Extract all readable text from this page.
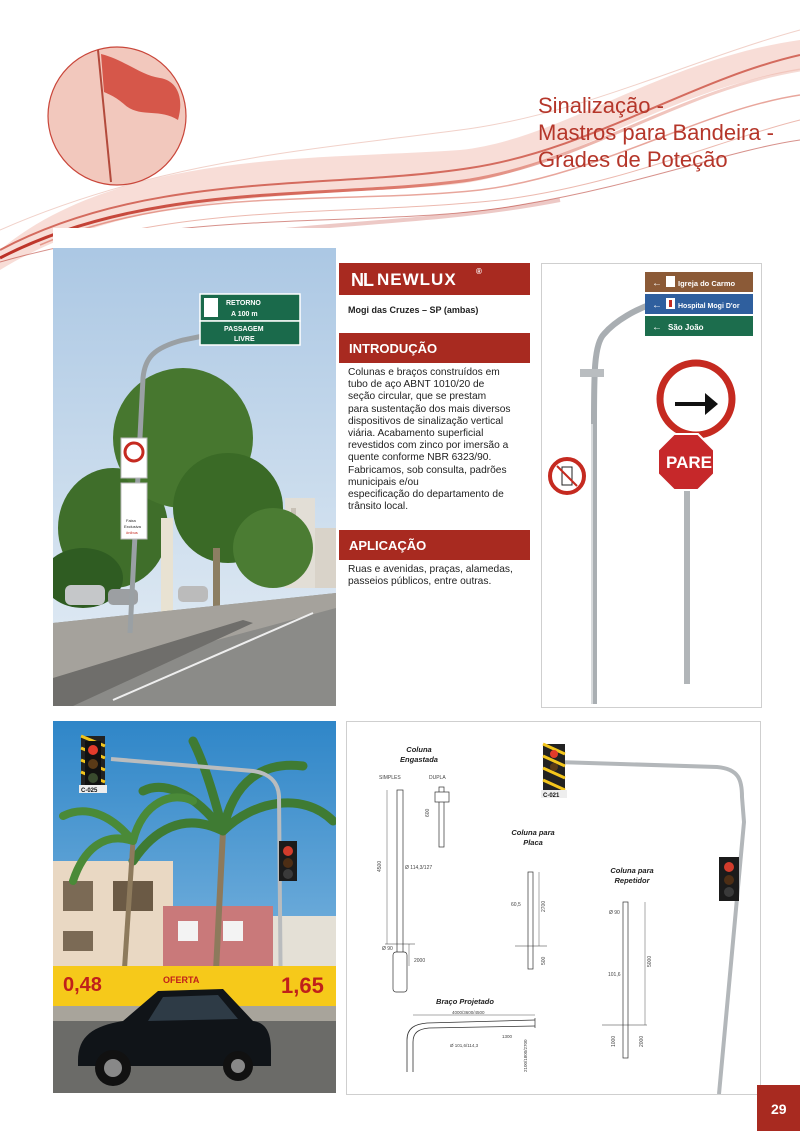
Sinalização -
Mastros para Bandeira -
Grades de Poteção
RETORNO
A 100 m
PASSAGEM
LIVRE
Faixa
Exclusiva
ônibus
NL NEWLUX ®
Mogi das Cruzes – SP (ambas)
INTRODUÇÃO
Colunas e braços construídos em
tubo de aço ABNT 1010/20 de
seção circular, que se prestam
para sustentação dos mais diversos
dispositivos de sinalização vertical
viária. Acabamento superficial
revestidos com zinco por imersão a
quente conforme NBR 6323/90.
Fabricamos, sob consulta, padrões
municipais e/ou
especificação do departamento de
trânsito local.
APLICAÇÃO
Ruas e avenidas, praças, alamedas,
passeios públicos, entre outras.
← Igreja do Carmo
← Hospital Mogi D'or
← São João
PARE
C-025
0,48	OFERTA	1,65
Coluna
Engastada
SIMPLES	DUPLA
4500	Ø 114,3/127
Ø 90
2000
600
Coluna para
Placa
60,5	2700
500
Coluna para
Repetidor
Ø 90
101,6
5000
1000	2000
Braço Projetado
4000/3600/4500
1300
Ø 101,6/114,3	2100/1800/2700
C-021
29
